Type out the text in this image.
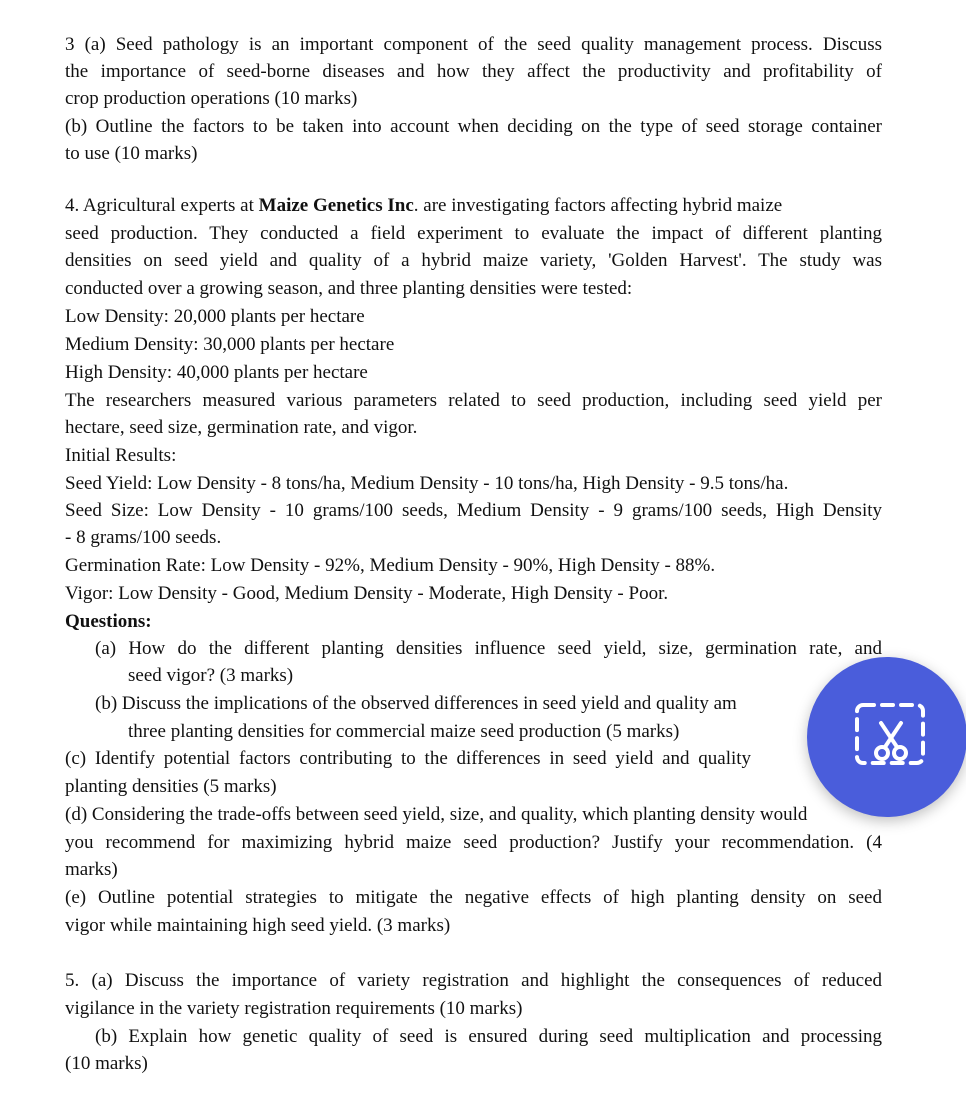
3 (a) Seed pathology is an important component of the seed quality management process. Discuss
the importance of seed-borne diseases and how they affect the productivity and profitability of
crop production operations (10 marks)
(b) Outline the factors to be taken into account when deciding on the type of seed storage container
to use (10 marks)
4. Agricultural experts at Maize Genetics Inc. are investigating factors affecting hybrid maize
seed production. They conducted a field experiment to evaluate the impact of different planting
densities on seed yield and quality of a hybrid maize variety, 'Golden Harvest'. The study was
conducted over a growing season, and three planting densities were tested:
Low Density: 20,000 plants per hectare
Medium Density: 30,000 plants per hectare
High Density: 40,000 plants per hectare
The researchers measured various parameters related to seed production, including seed yield per
hectare, seed size, germination rate, and vigor.
Initial Results:
Seed Yield: Low Density - 8 tons/ha, Medium Density - 10 tons/ha, High Density - 9.5 tons/ha.
Seed Size: Low Density - 10 grams/100 seeds, Medium Density - 9 grams/100 seeds, High Density
- 8 grams/100 seeds.
Germination Rate: Low Density - 92%, Medium Density - 90%, High Density - 88%.
Vigor: Low Density - Good, Medium Density - Moderate, High Density - Poor.
Questions:
(a) How do the different planting densities influence seed yield, size, germination rate, and
seed vigor? (3 marks)
(b) Discuss the implications of the observed differences in seed yield and quality am
three planting densities for commercial maize seed production (5 marks)
(c) Identify potential factors contributing to the differences in seed yield and quality
planting densities (5 marks)
(d) Considering the trade-offs between seed yield, size, and quality, which planting density would
you recommend for maximizing hybrid maize seed production? Justify your recommendation. (4
marks)
(e) Outline potential strategies to mitigate the negative effects of high planting density on seed
vigor while maintaining high seed yield. (3 marks)
5. (a) Discuss the importance of variety registration and highlight the consequences of reduced
vigilance in the variety registration requirements (10 marks)
(b) Explain how genetic quality of seed is ensured during seed multiplication and processing
(10 marks)
